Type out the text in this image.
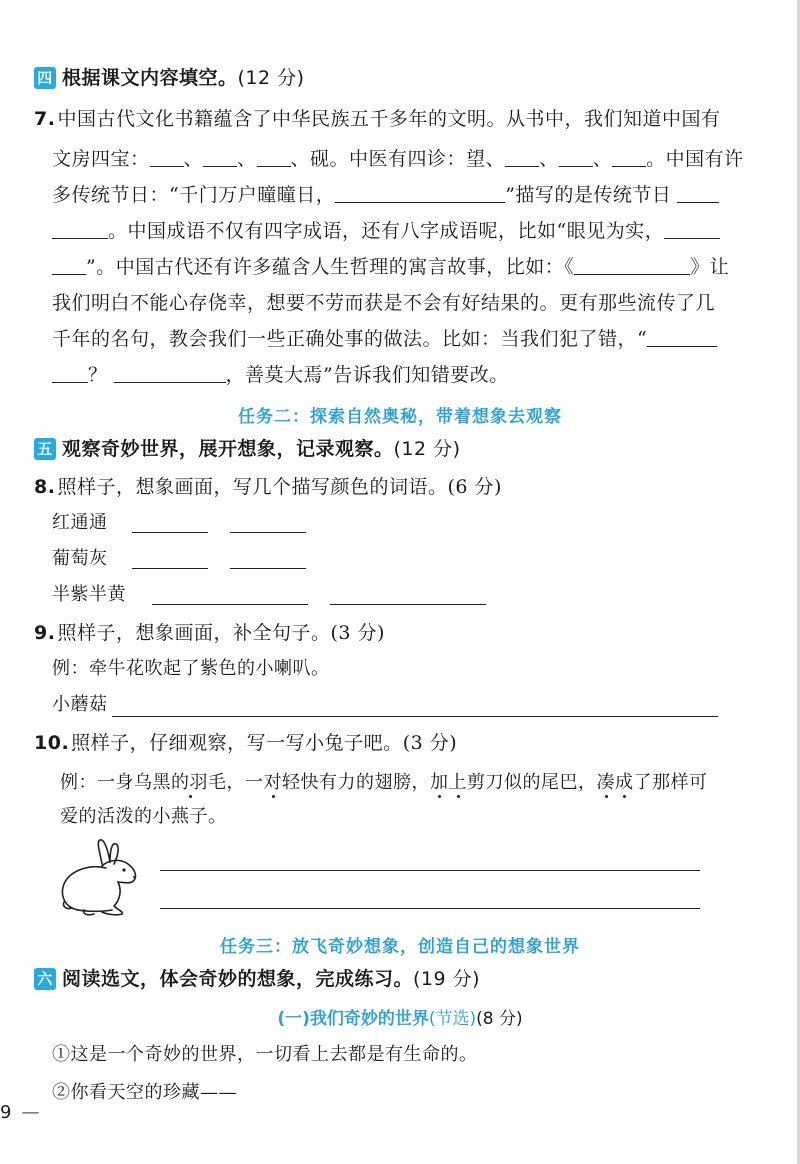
四 根据课文内容填空。(12 分)
7. 中国古代文化书籍蕴含了中华民族五千多年的文明。从书中，我们知道中国有
文房四宝： 、 、 、砚。中医有四诊：望、 、 、 。中国有许
多传统节日：“千门万户曈曈日，	”描写的是传统节日
。中国成语不仅有四字成语，还有八字成语呢，比如“眼见为实，
”。中国古代还有许多蕴含人生哲理的寓言故事，比如：《	》让
我们明白不能心存侥幸，想要不劳而获是不会有好结果的。更有那些流传了几
千年的名句，教会我们一些正确处事的做法。比如：当我们犯了错，“
？	，善莫大焉”告诉我们知错要改。
任务二：探索自然奥秘，带着想象去观察
五 观察奇妙世界，展开想象，记录观察。(12 分)
8. 照样子，想象画面，写几个描写颜色的词语。(6 分)
红通通
葡萄灰
半紫半黄
9. 照样子，想象画面，补全句子。(3 分)
例：牵牛花吹起了紫色的小喇叭。
小蘑菇
10. 照样子，仔细观察，写一写小兔子吧。(3 分)
例：一身乌黑的羽毛，一对轻快有力的翅膀，加上剪刀似的尾巴，凑成了那样可
爱的活泼的小燕子。
任务三：放飞奇妙想象，创造自己的想象世界
六 阅读选文，体会奇妙的想象，完成练习。(19 分)
(一)我们奇妙的世界(节选)(8 分)
①这是一个奇妙的世界，一切看上去都是有生命的。
②你看天空的珍藏——
9 —
